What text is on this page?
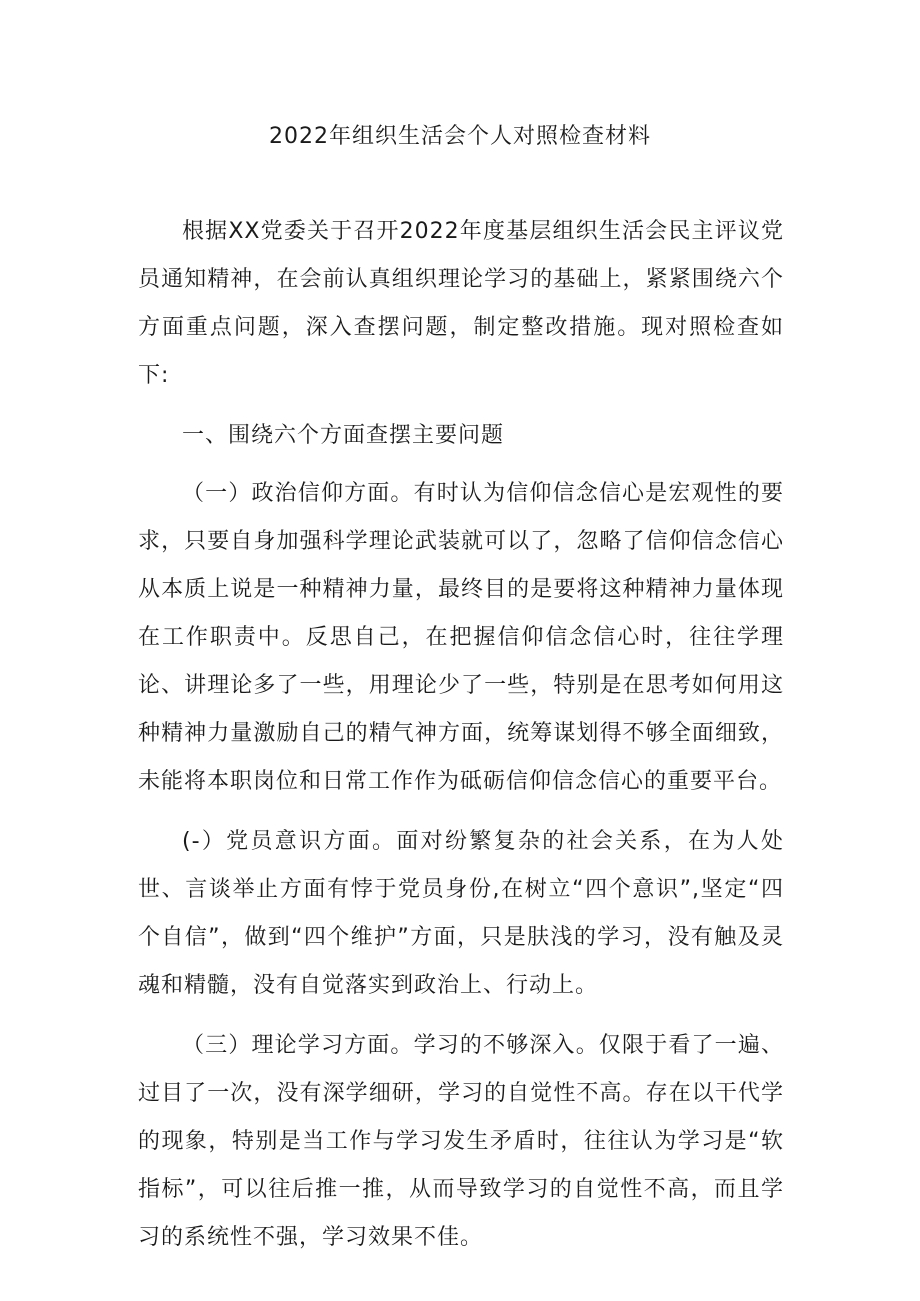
2022年组织生活会个人对照检查材料

根据XX党委关于召开2022年度基层组织生活会民主评议党员通知精神，在会前认真组织理论学习的基础上，紧紧围绕六个方面重点问题，深入查摆问题，制定整改措施。现对照检查如下:

一、围绕六个方面查摆主要问题

（一）政治信仰方面。有时认为信仰信念信心是宏观性的要求，只要自身加强科学理论武装就可以了，忽略了信仰信念信心从本质上说是一种精神力量，最终目的是要将这种精神力量体现在工作职责中。反思自己，在把握信仰信念信心时，往往学理论、讲理论多了一些，用理论少了一些，特别是在思考如何用这种精神力量激励自己的精气神方面，统筹谋划得不够全面细致，未能将本职岗位和日常工作作为砥砺信仰信念信心的重要平台。

(-）党员意识方面。面对纷繁复杂的社会关系，在为人处世、言谈举止方面有悖于党员身份,在树立“四个意识”,坚定“四个自信”，做到“四个维护”方面，只是肤浅的学习，没有触及灵魂和精髓，没有自觉落实到政治上、行动上。

（三）理论学习方面。学习的不够深入。仅限于看了一遍、过目了一次，没有深学细研，学习的自觉性不高。存在以干代学的现象，特别是当工作与学习发生矛盾时，往往认为学习是“软指标”，可以往后推一推，从而导致学习的自觉性不高，而且学习的系统性不强，学习效果不佳。
